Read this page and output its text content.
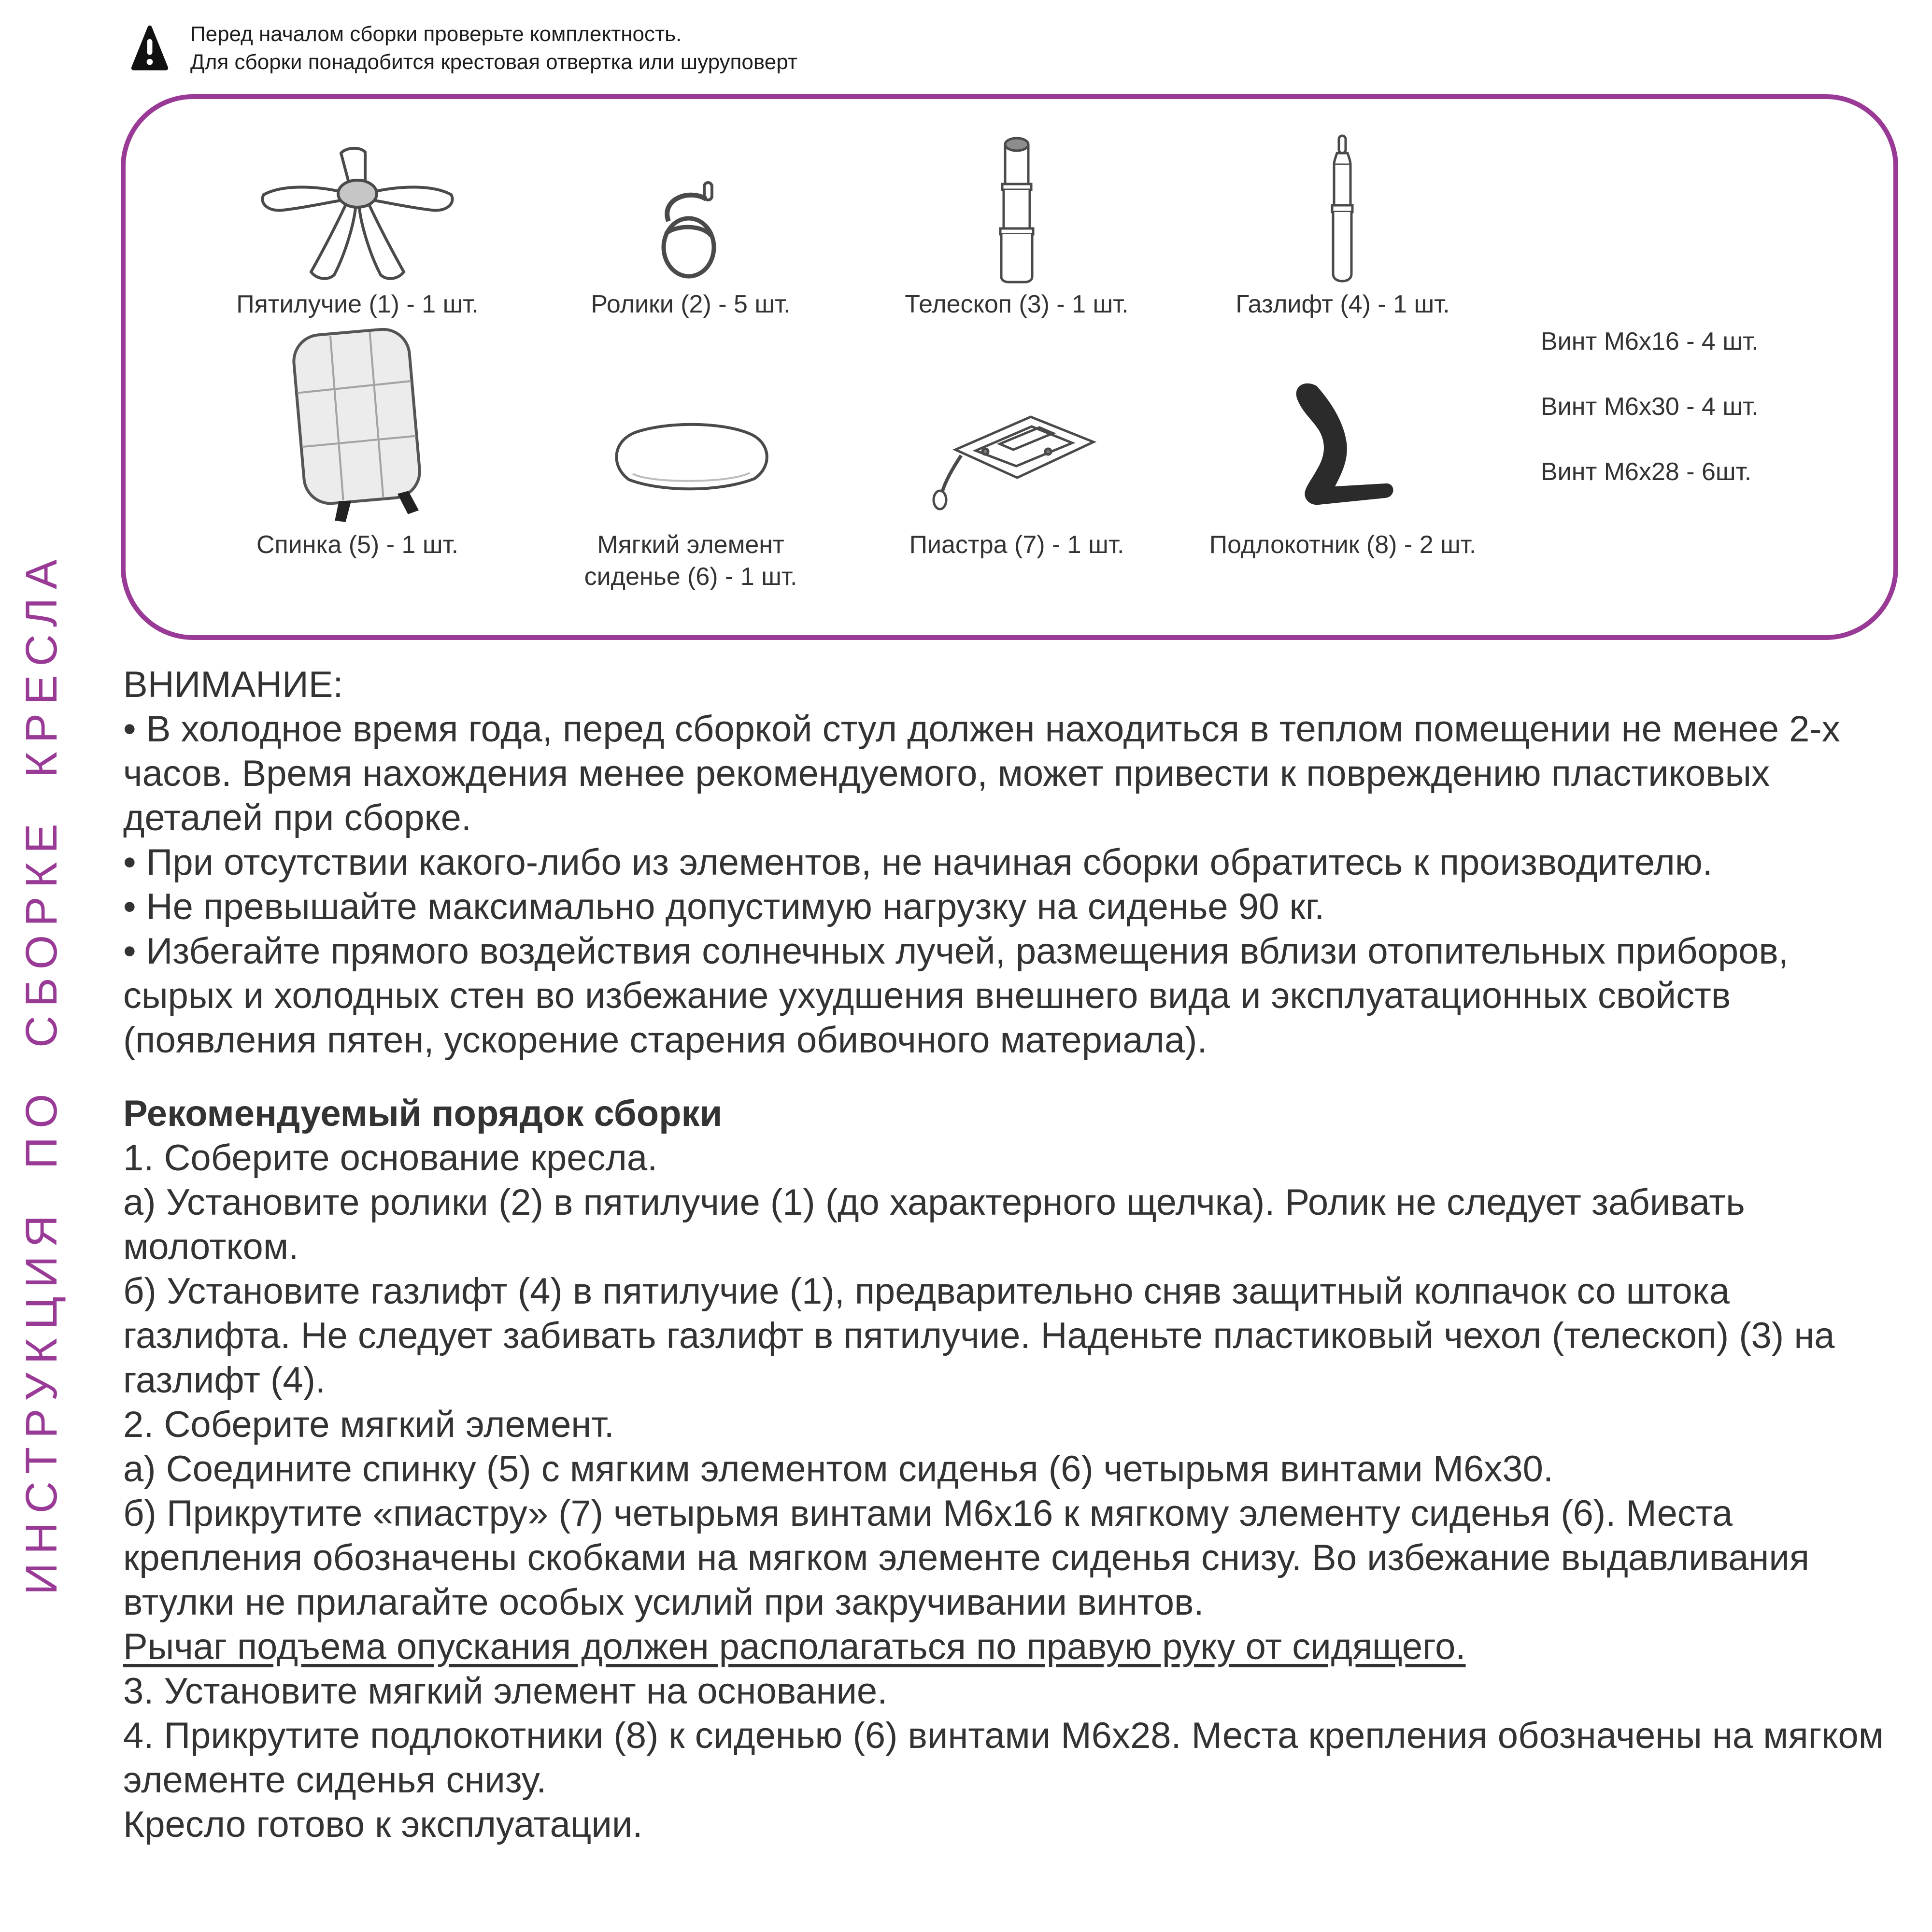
ИНСТРУКЦИЯ ПО СБОРКЕ КРЕСЛА
Перед началом сборки проверьте комплектность.
Для сборки понадобится крестовая отвертка или шуруповерт
Пятилучие (1) - 1 шт.	Ролики (2) - 5 шт.	Телескоп (3) - 1 шт.	Газлифт (4) - 1 шт.
Спинка (5) - 1 шт.	Мягкий элемент сиденье (6) - 1 шт.
Пиастра (7) - 1 шт.	Подлокотник (8) - 2 шт.
Винт М6х16 - 4 шт.
Винт М6х30 - 4 шт.
Винт М6х28 - 6шт.

ВНИМАНИЕ:

• В холодное время года, перед сборкой стул должен находиться в теплом помещении не менее 2-х часов. Время нахождения менее рекомендуемого, может привести к повреждению пластиковых деталей при сборке.

• При отсутствии какого-либо из элементов, не начиная сборки обратитесь к производителю.

• Не превышайте максимально допустимую нагрузку на сиденье 90 кг.

• Избегайте прямого воздействия солнечных лучей, размещения вблизи отопительных приборов, сырых и холодных стен во избежание ухудшения внешнего вида и эксплуатационных свойств (появления пятен, ускорение старения обивочного материала).

Рекомендуемый порядок сборки

1. Соберите основание кресла.

а) Установите ролики (2) в пятилучие (1) (до характерного щелчка). Ролик не следует забивать молотком.

б) Установите газлифт (4) в пятилучие (1), предварительно сняв защитный колпачок со штока газлифта. Не следует забивать газлифт в пятилучие. Наденьте пластиковый чехол (телескоп) (3) на газлифт (4).

2. Соберите мягкий элемент.

а) Соедините спинку (5) с мягким элементом сиденья (6) четырьмя винтами М6х30.

б) Прикрутите «пиастру» (7) четырьмя винтами М6х16 к мягкому элементу сиденья (6). Места крепления обозначены скобками на мягком элементе сиденья снизу. Во избежание выдавливания втулки не прилагайте особых усилий при закручивании винтов.

Рычаг подъема опускания должен располагаться по правую руку от сидящего.

3. Установите мягкий элемент на основание.

4. Прикрутите подлокотники (8) к сиденью (6) винтами М6х28. Места крепления обозначены на мягком элементе сиденья снизу.

Кресло готово к эксплуатации.
